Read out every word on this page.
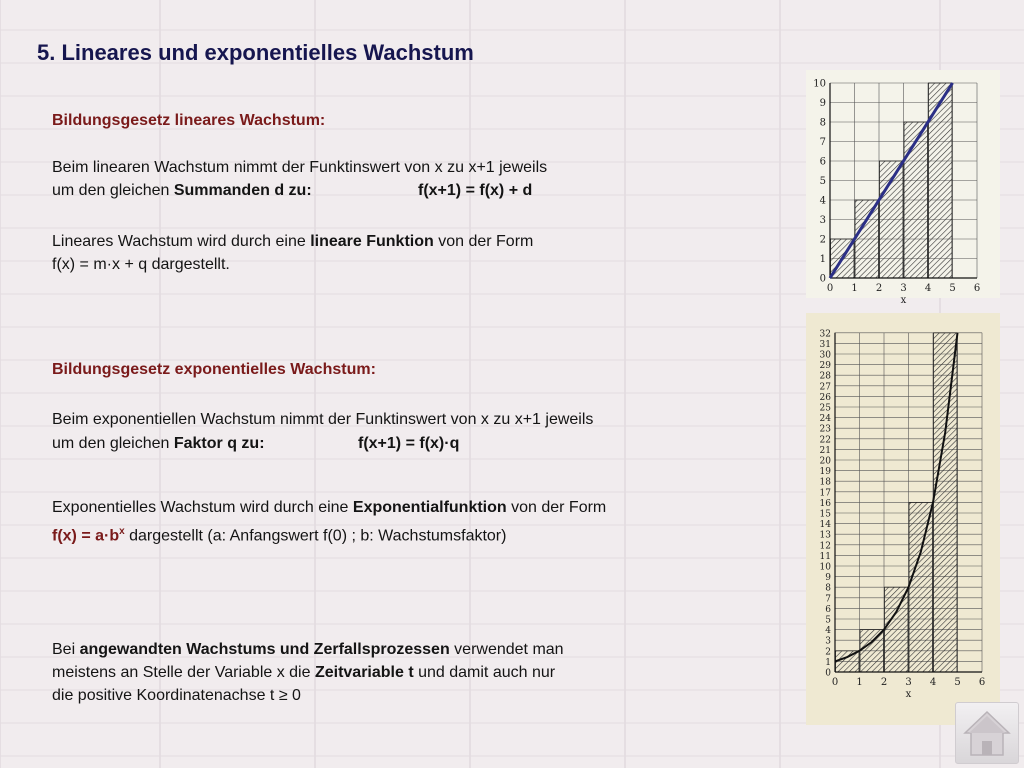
5. Lineares und exponentielles Wachstum
Bildungsgesetz lineares Wachstum:
Beim linearen Wachstum nimmt der Funktinswert von x zu x+1 jeweils
um den gleichen Summanden d zu:	f(x+1) = f(x) + d
Lineares Wachstum wird durch eine lineare Funktion von der Form
f(x) = m·x + q dargestellt.
Bildungsgesetz exponentielles Wachstum:
Beim exponentiellen Wachstum nimmt der Funktinswert von x zu x+1 jeweils
um den gleichen Faktor q zu:	f(x+1) = f(x)·q
Exponentielles Wachstum wird durch eine Exponentialfunktion von der Form
$f(x) = a\cdot b^x$ dargestellt (a: Anfangswert f(0) ; b: Wachstumsfaktor)
Bei angewandten Wachstums und Zerfallsprozessen verwendet man
meistens an Stelle der Variable x die Zeitvariable t und damit auch nur
die positive Koordinatenachse t ≥ 0
0
1
2
3
4
5
6
7
8
9
10
0 1 2 3 4 5 6
x
0
1
2
3
4
5
6
7
8
9
10
11
12
13
14
15
16
17
18
19
20
21
22
23
24
25
26
27
28
29
30
31
32
0 1 2 3 4 5 6
x
